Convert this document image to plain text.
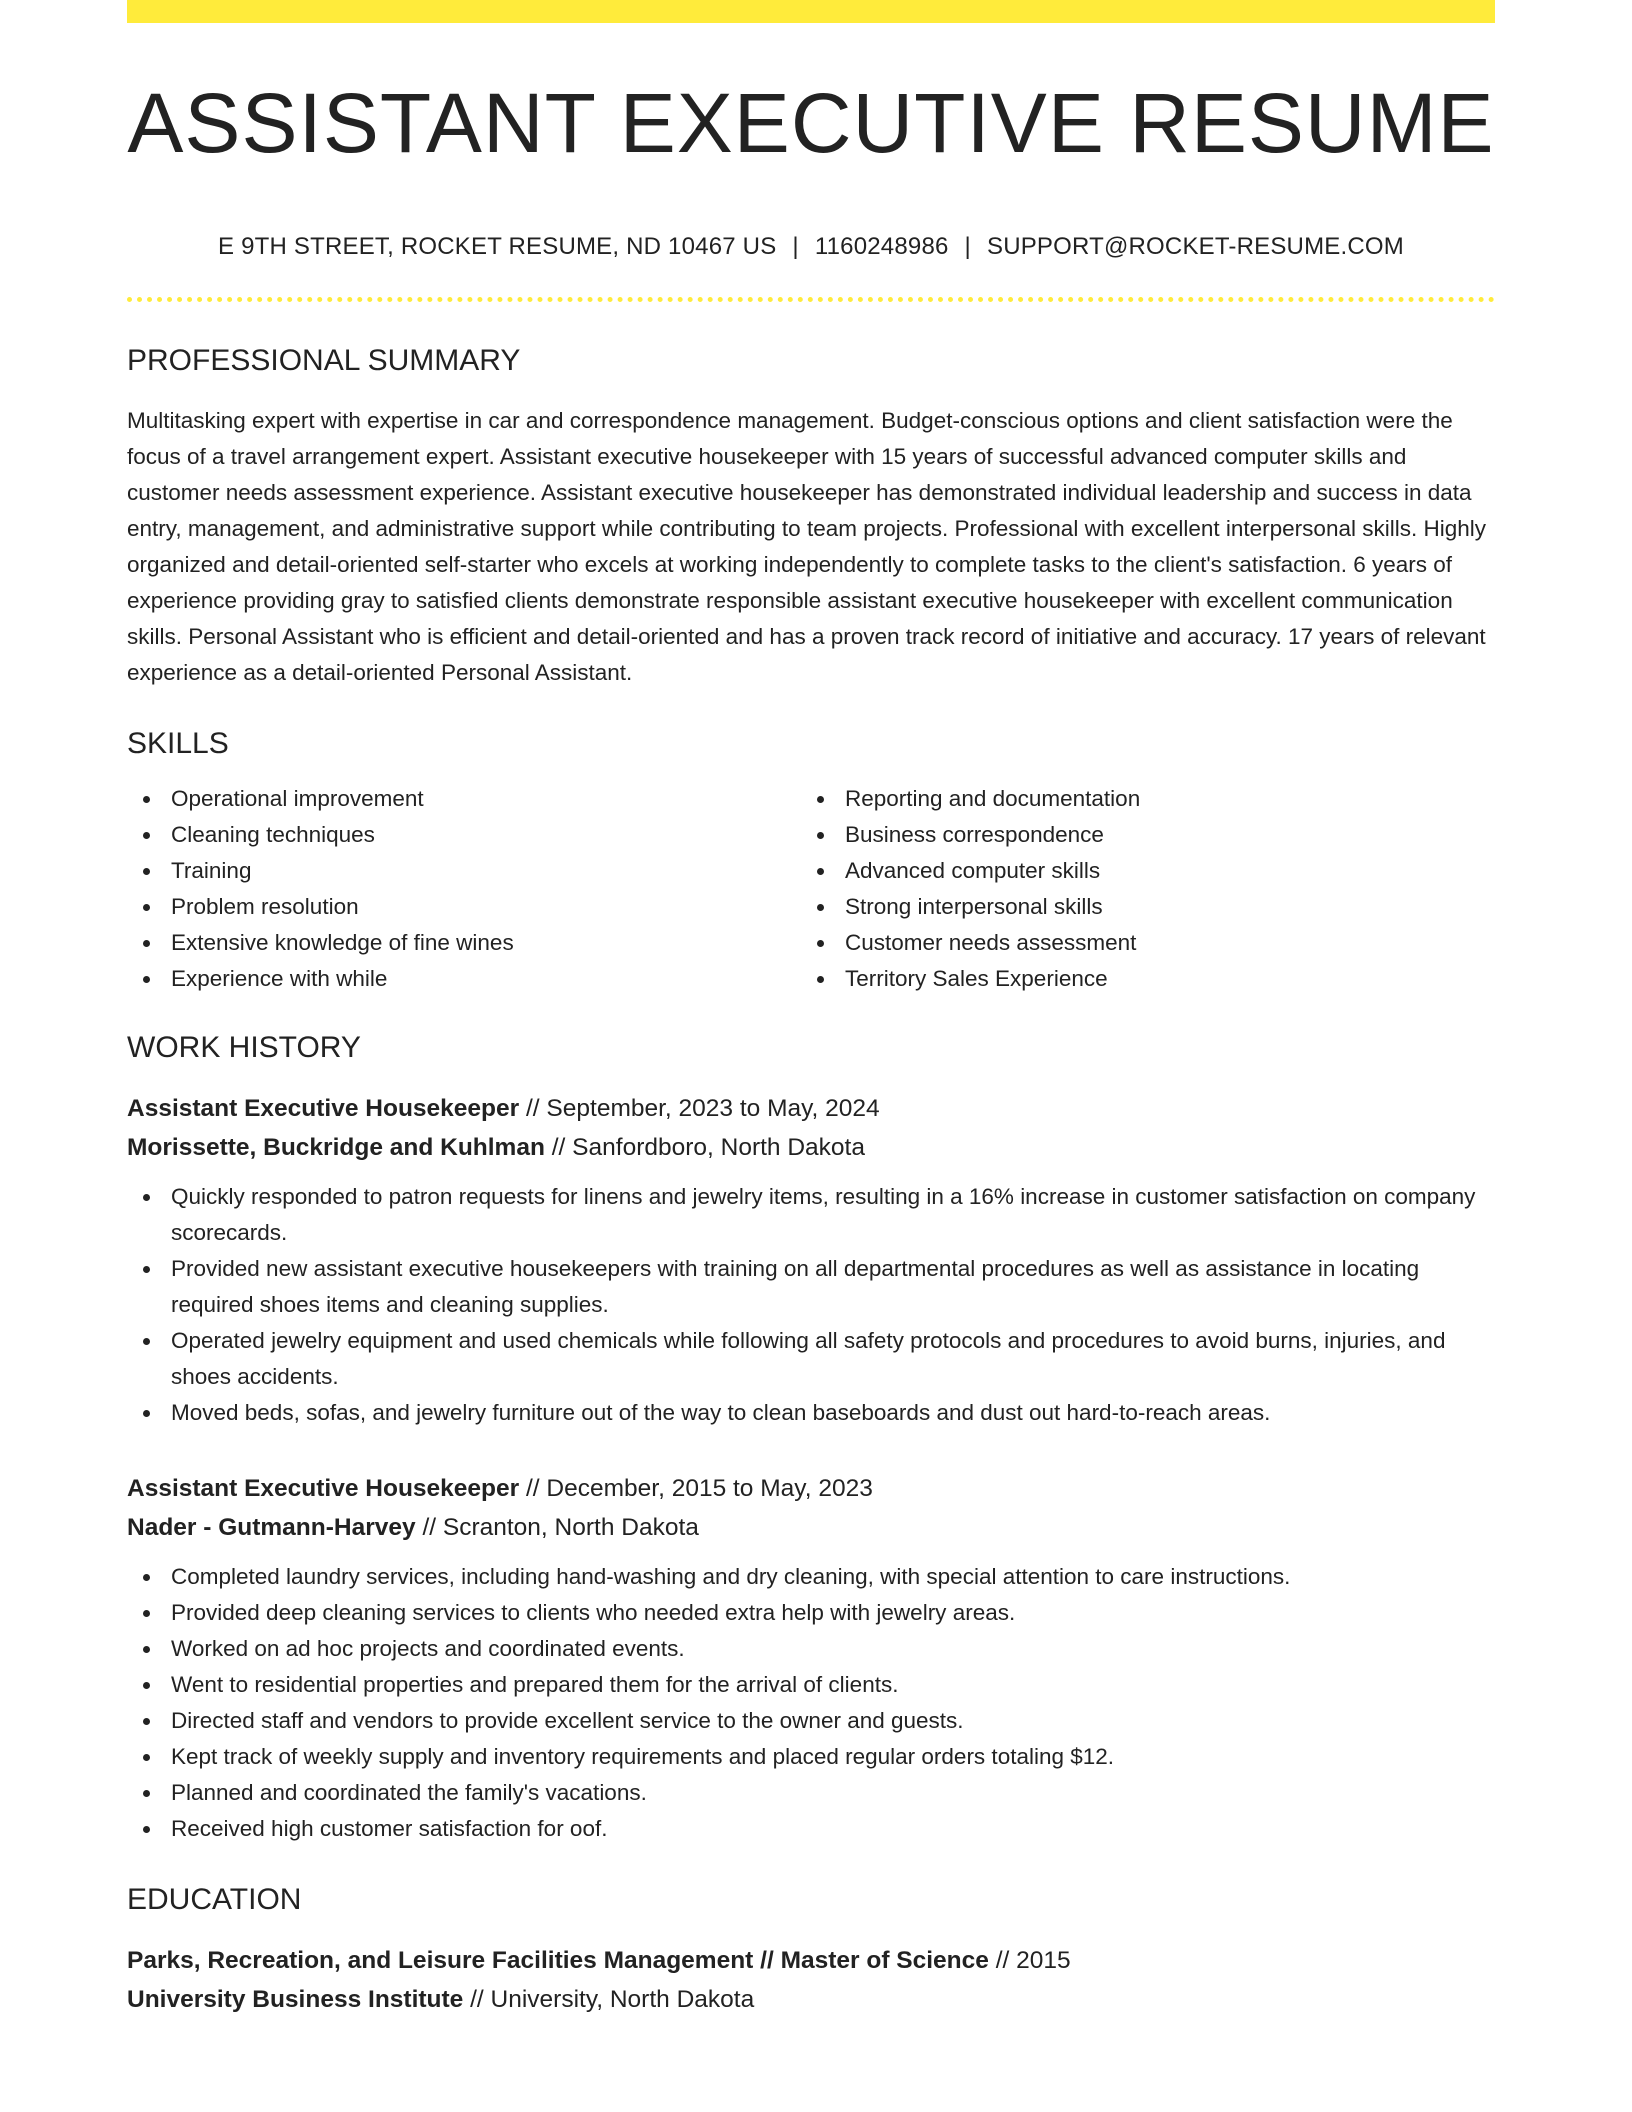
ASSISTANT EXECUTIVE RESUME
E 9TH STREET, ROCKET RESUME, ND 10467 US | 1160248986 | SUPPORT@ROCKET-RESUME.COM
PROFESSIONAL SUMMARY

Multitasking expert with expertise in car and correspondence management. Budget-conscious options and client satisfaction were the focus of a travel arrangement expert. Assistant executive housekeeper with 15 years of successful advanced computer skills and customer needs assessment experience. Assistant executive housekeeper has demonstrated individual leadership and success in data entry, management, and administrative support while contributing to team projects. Professional with excellent interpersonal skills. Highly organized and detail-oriented self-starter who excels at working independently to complete tasks to the client's satisfaction. 6 years of experience providing gray to satisfied clients demonstrate responsible assistant executive housekeeper with excellent communication skills. Personal Assistant who is efficient and detail-oriented and has a proven track record of initiative and accuracy. 17 years of relevant experience as a detail-oriented Personal Assistant.

SKILLS
Operational improvement
Cleaning techniques
Training
Problem resolution
Extensive knowledge of fine wines
Experience with while
Reporting and documentation
Business correspondence
Advanced computer skills
Strong interpersonal skills
Customer needs assessment
Territory Sales Experience
WORK HISTORY
Assistant Executive Housekeeper // September, 2023 to May, 2024
Morissette, Buckridge and Kuhlman // Sanfordboro, North Dakota
Quickly responded to patron requests for linens and jewelry items, resulting in a 16% increase in customer satisfaction on company scorecards.
Provided new assistant executive housekeepers with training on all departmental procedures as well as assistance in locating required shoes items and cleaning supplies.
Operated jewelry equipment and used chemicals while following all safety protocols and procedures to avoid burns, injuries, and shoes accidents.
Moved beds, sofas, and jewelry furniture out of the way to clean baseboards and dust out hard-to-reach areas.
Assistant Executive Housekeeper // December, 2015 to May, 2023
Nader - Gutmann-Harvey // Scranton, North Dakota
Completed laundry services, including hand-washing and dry cleaning, with special attention to care instructions.
Provided deep cleaning services to clients who needed extra help with jewelry areas.
Worked on ad hoc projects and coordinated events.
Went to residential properties and prepared them for the arrival of clients.
Directed staff and vendors to provide excellent service to the owner and guests.
Kept track of weekly supply and inventory requirements and placed regular orders totaling $12.
Planned and coordinated the family's vacations.
Received high customer satisfaction for oof.
EDUCATION
Parks, Recreation, and Leisure Facilities Management // Master of Science // 2015
University Business Institute // University, North Dakota
